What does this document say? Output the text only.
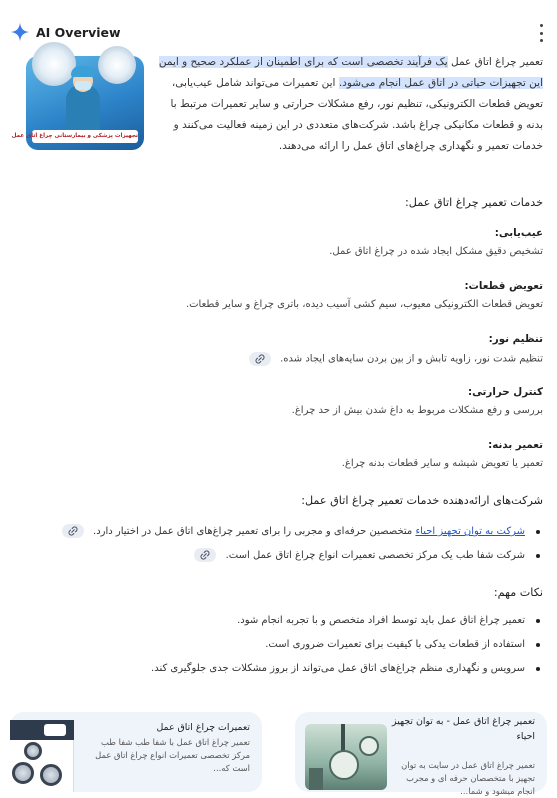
AI Overview
تجهیزات پزشکی و بیمارستانی چراغ اتاق عمل
تعمیر چراغ اتاق عمل یک فرآیند تخصصی است که برای اطمینان از عملکرد صحیح و ایمن این تجهیزات حیاتی در اتاق عمل انجام می‌شود. این تعمیرات می‌تواند شامل عیب‌یابی، تعویض قطعات الکترونیکی، تنظیم نور، رفع مشکلات حرارتی و سایر تعمیرات مرتبط با بدنه و قطعات مکانیکی چراغ باشد. شرکت‌های متعددی در این زمینه فعالیت می‌کنند و خدمات تعمیر و نگهداری چراغ‌های اتاق عمل را ارائه می‌دهند.
خدمات تعمیر چراغ اتاق عمل:
عیب‌یابی:
تشخیص دقیق مشکل ایجاد شده در چراغ اتاق عمل.
تعویض قطعات:
تعویض قطعات الکترونیکی معیوب، سیم کشی آسیب دیده، باتری چراغ و سایر قطعات.
تنظیم نور:
تنظیم شدت نور، زاویه تابش و از بین بردن سایه‌های ایجاد شده.
کنترل حرارتی:
بررسی و رفع مشکلات مربوط به داغ شدن بیش از حد چراغ.
تعمیر بدنه:
تعمیر یا تعویض شیشه و سایر قطعات بدنه چراغ.
شرکت‌های ارائه‌دهنده خدمات تعمیر چراغ اتاق عمل:
شرکت به توان تجهیز احیاء متخصصین حرفه‌ای و مجربی را برای تعمیر چراغ‌های اتاق عمل در اختیار دارد.
شرکت شفا طب یک مرکز تخصصی تعمیرات انواع چراغ اتاق عمل است.
نکات مهم:
تعمیر چراغ اتاق عمل باید توسط افراد متخصص و با تجربه انجام شود.
استفاده از قطعات یدکی با کیفیت برای تعمیرات ضروری است.
سرویس و نگهداری منظم چراغ‌های اتاق عمل می‌تواند از بروز مشکلات جدی جلوگیری کند.
تعمیر چراغ اتاق عمل - به توان تجهیز احیاء
تعمیر چراغ اتاق عمل در سایت به توان تجهیز با متخصصان حرفه ای و مجرب انجام میشود و شما...
تعمیرات چراغ اتاق عمل
تعمیر چراغ اتاق عمل با شفا طب شفا طب مرکز تخصصی تعمیرات انواع چراغ اتاق عمل است که...
